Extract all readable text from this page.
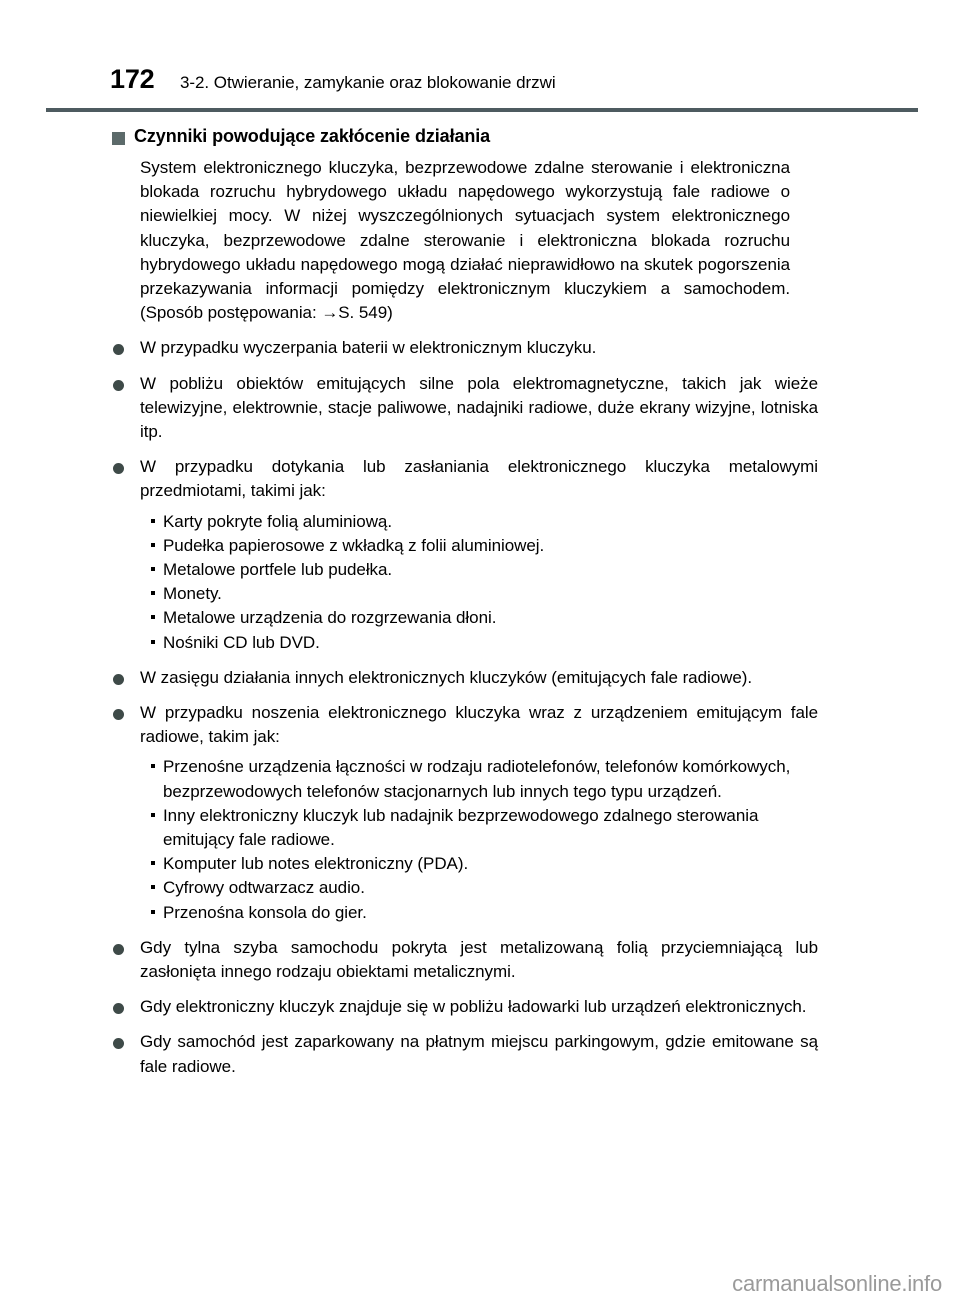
172	3-2. Otwieranie, zamykanie oraz blokowanie drzwi
Czynniki powodujące zakłócenie działania

System elektronicznego kluczyka, bezprzewodowe zdalne sterowanie i elektroniczna blokada rozruchu hybrydowego układu napędowego wykorzystują fale radiowe o niewielkiej mocy. W niżej wyszczególnionych sytuacjach system elektronicznego kluczyka, bezprzewodowe zdalne sterowanie i elektroniczna blokada rozruchu hybrydowego układu napędowego mogą działać nieprawidłowo na skutek pogorszenia przekazywania informacji pomiędzy elektronicznym kluczykiem a samochodem. (Sposób postępowania: →S. 549)

W przypadku wyczerpania baterii w elektronicznym kluczyku.
W pobliżu obiektów emitujących silne pola elektromagnetyczne, takich jak wieże telewizyjne, elektrownie, stacje paliwowe, nadajniki radiowe, duże ekrany wizyjne, lotniska itp.
W przypadku dotykania lub zasłaniania elektronicznego kluczyka metalowymi przedmiotami, takimi jak:
Karty pokryte folią aluminiową.
Pudełka papierosowe z wkładką z folii aluminiowej.
Metalowe portfele lub pudełka.
Monety.
Metalowe urządzenia do rozgrzewania dłoni.
Nośniki CD lub DVD.
W zasięgu działania innych elektronicznych kluczyków (emitujących fale radiowe).
W przypadku noszenia elektronicznego kluczyka wraz z urządzeniem emitującym fale radiowe, takim jak:
Przenośne urządzenia łączności w rodzaju radiotelefonów, telefonów komórkowych, bezprzewodowych telefonów stacjonarnych lub innych tego typu urządzeń.
Inny elektroniczny kluczyk lub nadajnik bezprzewodowego zdalnego sterowania emitujący fale radiowe.
Komputer lub notes elektroniczny (PDA).
Cyfrowy odtwarzacz audio.
Przenośna konsola do gier.
Gdy tylna szyba samochodu pokryta jest metalizowaną folią przyciemniającą lub zasłonięta innego rodzaju obiektami metalicznymi.
Gdy elektroniczny kluczyk znajduje się w pobliżu ładowarki lub urządzeń elektronicznych.
Gdy samochód jest zaparkowany na płatnym miejscu parkingowym, gdzie emitowane są fale radiowe.
carmanualsonline.info
